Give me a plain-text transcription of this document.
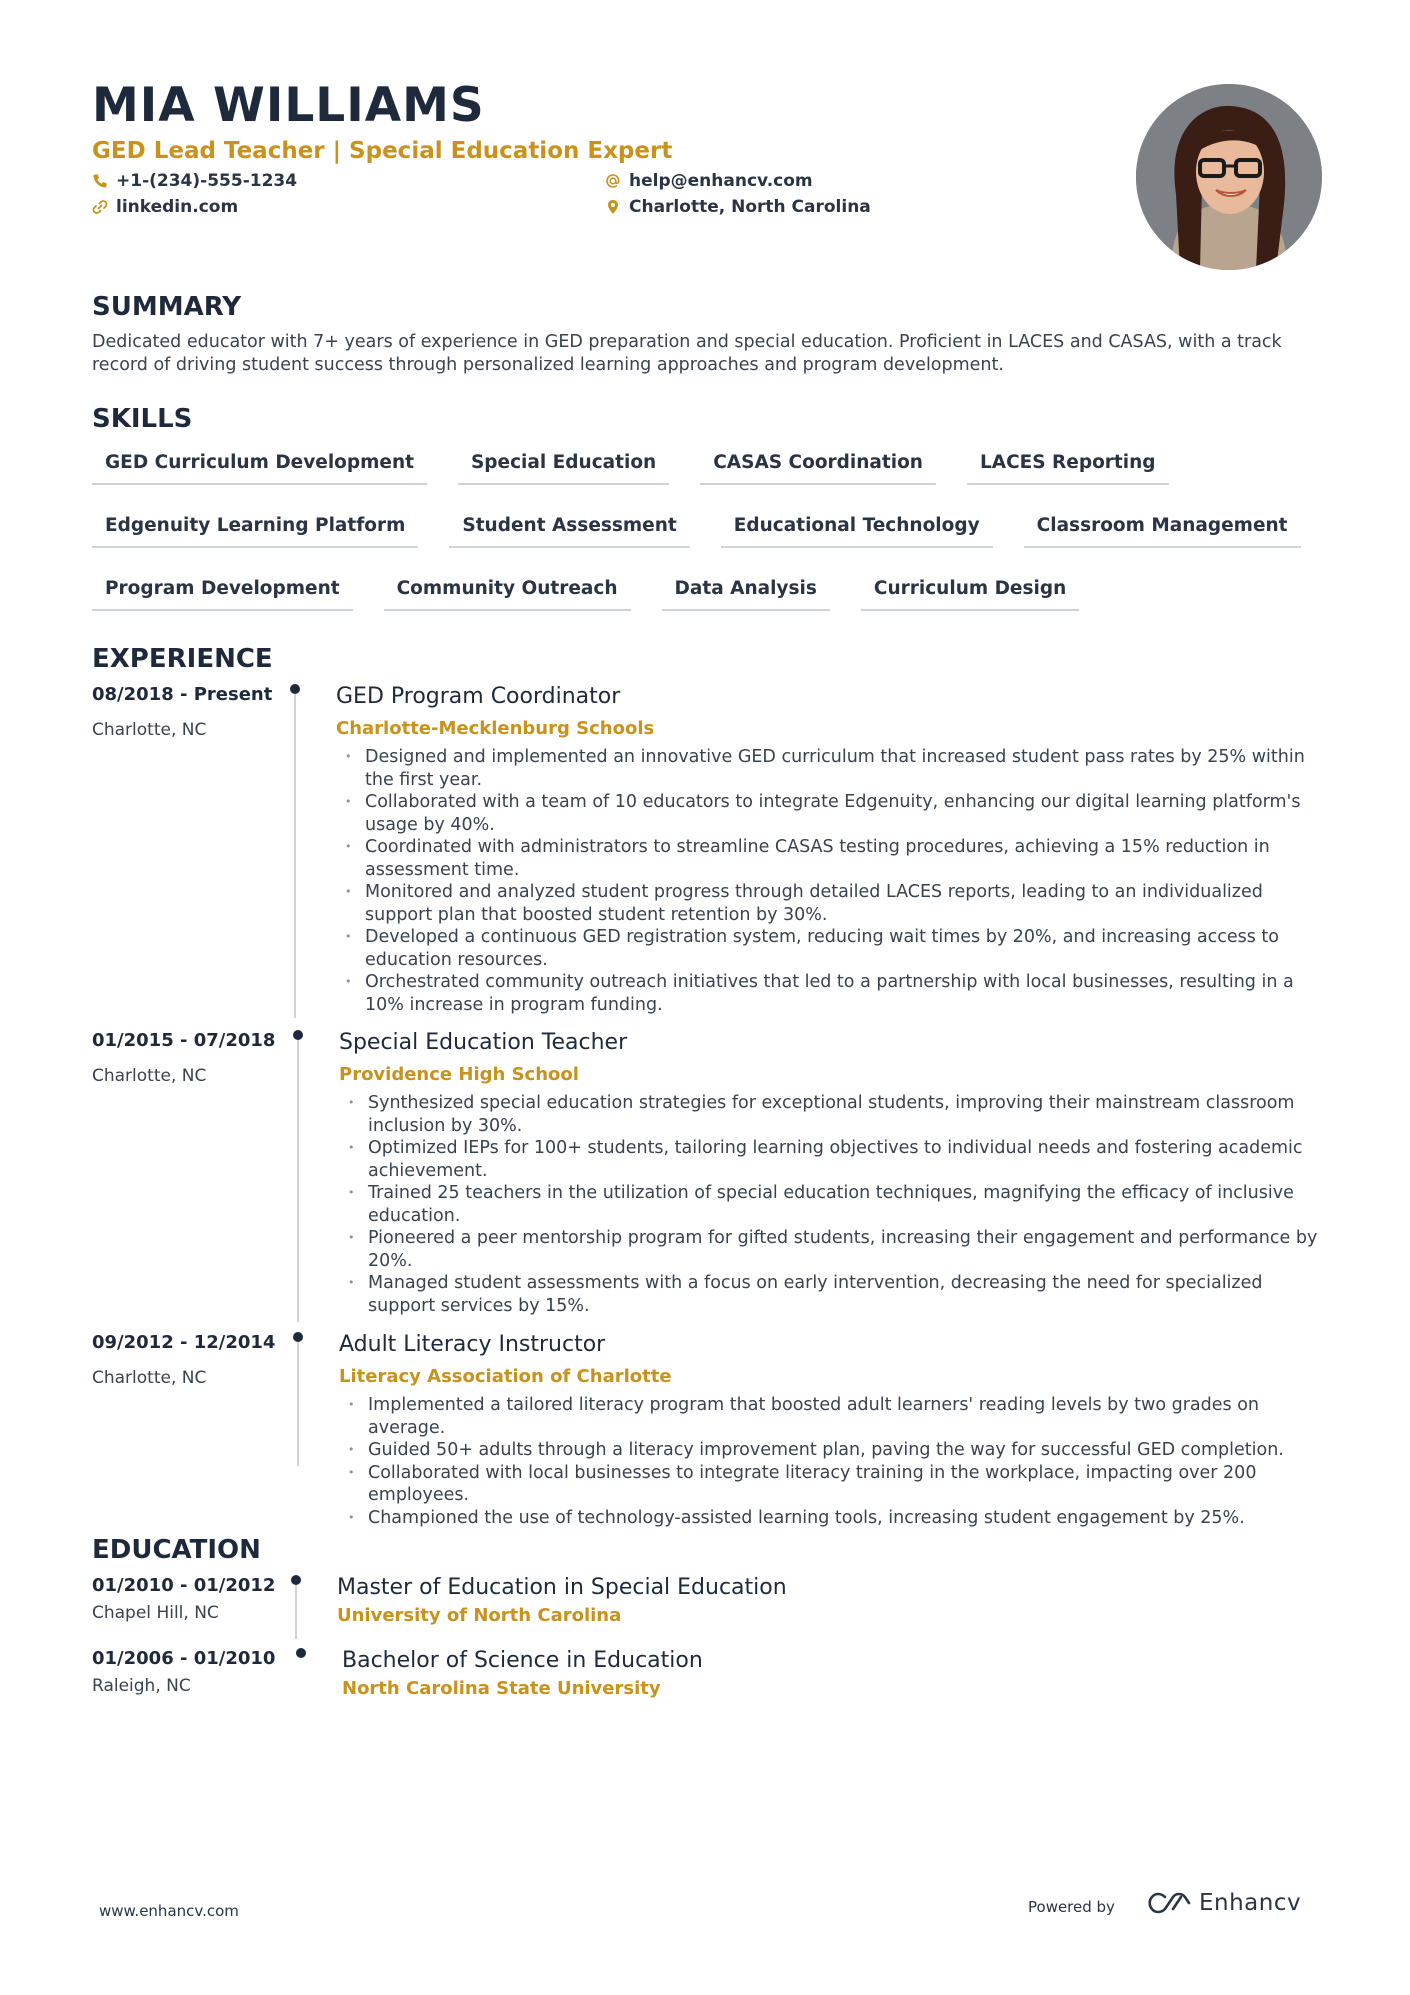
MIA WILLIAMS
GED Lead Teacher | Special Education Expert
+1-(234)-555-1234
linkedin.com
help@enhancv.com
Charlotte, North Carolina
SUMMARY
Dedicated educator with 7+ years of experience in GED preparation and special education. Proficient in LACES and CASAS, with a track record of driving student success through personalized learning approaches and program development.
SKILLS
GED Curriculum Development	Special Education	CASAS Coordination	LACES Reporting
Edgenuity Learning Platform	Student Assessment	Educational Technology	Classroom Management
Program Development	Community Outreach	Data Analysis	Curriculum Design
EXPERIENCE
08/2018 - Present
Charlotte, NC
GED Program Coordinator
Charlotte-Mecklenburg Schools
• Designed and implemented an innovative GED curriculum that increased student pass rates by 25% within the first year.
• Collaborated with a team of 10 educators to integrate Edgenuity, enhancing our digital learning platform's usage by 40%.
• Coordinated with administrators to streamline CASAS testing procedures, achieving a 15% reduction in assessment time.
• Monitored and analyzed student progress through detailed LACES reports, leading to an individualized support plan that boosted student retention by 30%.
• Developed a continuous GED registration system, reducing wait times by 20%, and increasing access to education resources.
• Orchestrated community outreach initiatives that led to a partnership with local businesses, resulting in a 10% increase in program funding.
01/2015 - 07/2018
Charlotte, NC
Special Education Teacher
Providence High School
• Synthesized special education strategies for exceptional students, improving their mainstream classroom inclusion by 30%.
• Optimized IEPs for 100+ students, tailoring learning objectives to individual needs and fostering academic achievement.
• Trained 25 teachers in the utilization of special education techniques, magnifying the efficacy of inclusive education.
• Pioneered a peer mentorship program for gifted students, increasing their engagement and performance by 20%.
• Managed student assessments with a focus on early intervention, decreasing the need for specialized support services by 15%.
09/2012 - 12/2014
Charlotte, NC
Adult Literacy Instructor
Literacy Association of Charlotte
• Implemented a tailored literacy program that boosted adult learners' reading levels by two grades on average.
• Guided 50+ adults through a literacy improvement plan, paving the way for successful GED completion.
• Collaborated with local businesses to integrate literacy training in the workplace, impacting over 200 employees.
• Championed the use of technology-assisted learning tools, increasing student engagement by 25%.
EDUCATION
01/2010 - 01/2012
Chapel Hill, NC
Master of Education in Special Education
University of North Carolina
01/2006 - 01/2010
Raleigh, NC
Bachelor of Science in Education
North Carolina State University
www.enhancv.com	Powered by	Enhancv
